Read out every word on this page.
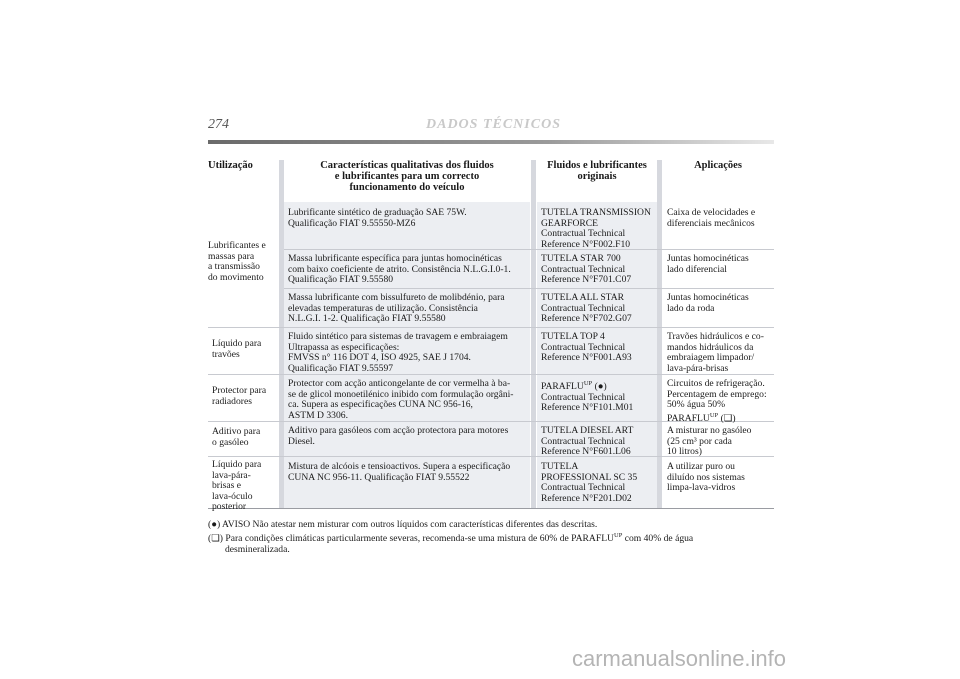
274	DADOS TÉCNICOS
Utilização	Características qualitativas dos fluidos
e lubrificantes para um correcto
funcionamento do veículo
Fluidos e lubrificantes
originais
Aplicações
Lubrificantes e
massas para
a transmissão
do movimento
Líquido para
travões
Protector para
radiadores
Aditivo para
o gasóleo
Líquido para
lava-pára-
brisas e
lava-óculo
posterior
Lubrificante sintético de graduação SAE 75W.
Qualificação FIAT 9.55550-MZ6
TUTELA TRANSMISSION
GEARFORCE
Contractual Technical
Reference N°F002.F10
Caixa de velocidades e
diferenciais mecânicos
Massa lubrificante específica para juntas homocinéticas
com baixo coeficiente de atrito. Consistência N.L.G.I.0-1.
Qualificação FIAT 9.55580
TUTELA STAR 700
Contractual Technical
Reference N°F701.C07
Juntas homocinéticas
lado diferencial
Massa lubrificante com bissulfureto de molibdénio, para
elevadas temperaturas de utilização. Consistência
N.L.G.I. 1-2. Qualificação FIAT 9.55580
TUTELA ALL STAR
Contractual Technical
Reference N°F702.G07
Juntas homocinéticas
lado da roda
Fluido sintético para sistemas de travagem e embraiagem
Ultrapassa as especificações:
FMVSS n° 116 DOT 4, ISO 4925, SAE J 1704.
Qualificação FIAT 9.55597
TUTELA TOP 4
Contractual Technical
Reference N°F001.A93
Travões hidráulicos e co-
mandos hidráulicos da
embraiagem limpador/
lava-pára-brisas
Protector com acção anticongelante de cor vermelha à ba-
se de glicol monoetilénico inibido com formulação orgâni-
ca. Supera as especificações CUNA NC 956-16,
ASTM D 3306.
$PARAFLU^{UP}$ (●)
Contractual Technical
Reference N°F101.M01
Circuitos de refrigeração.
Percentagem de emprego:
50% água 50%
$PARAFLU^{UP}$ (❏)
Aditivo para gasóleos com acção protectora para motores
Diesel.
TUTELA DIESEL ART
Contractual Technical
Reference N°F601.L06
A misturar no gasóleo
(25 cm³ por cada
10 litros)
Mistura de alcóois e tensioactivos. Supera a especificação
CUNA NC 956-11. Qualificação FIAT 9.55522
TUTELA
PROFESSIONAL SC 35
Contractual Technical
Reference N°F201.D02
A utilizar puro ou
diluído nos sistemas
limpa-lava-vidros
(●) AVISO Não atestar nem misturar com outros líquidos com características diferentes das descritas.
(❏) Para condições climáticas particularmente severas, recomenda-se uma mistura de 60% de $PARAFLU^{UP}$ com 40% de água
desmineralizada.
carmanualsonline.info
